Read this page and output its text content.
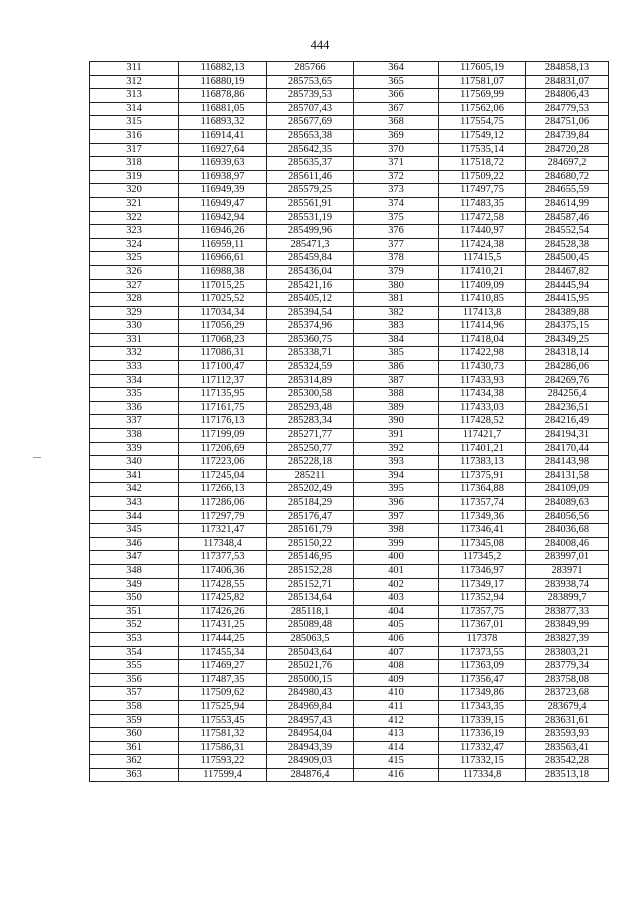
444
311	116882,13	285766	364	117605,19	284858,13
312	116880,19	285753,65	365	117581,07	284831,07
313	116878,86	285739,53	366	117569,99	284806,43
314	116881,05	285707,43	367	117562,06	284779,53
315	116893,32	285677,69	368	117554,75	284751,06
316	116914,41	285653,38	369	117549,12	284739,84
317	116927,64	285642,35	370	117535,14	284720,28
318	116939,63	285635,37	371	117518,72	284697,2
319	116938,97	285611,46	372	117509,22	284680,72
320	116949,39	285579,25	373	117497,75	284655,59
321	116949,47	285561,91	374	117483,35	284614,99
322	116942,94	285531,19	375	117472,58	284587,46
323	116946,26	285499,96	376	117440,97	284552,54
324	116959,11	285471,3	377	117424,38	284528,38
325	116966,61	285459,84	378	117415,5	284500,45
326	116988,38	285436,04	379	117410,21	284467,82
327	117015,25	285421,16	380	117409,09	284445,94
328	117025,52	285405,12	381	117410,85	284415,95
329	117034,34	285394,54	382	117413,8	284389,88
330	117056,29	285374,96	383	117414,96	284375,15
331	117068,23	285360,75	384	117418,04	284349,25
332	117086,31	285338,71	385	117422,98	284318,14
333	117100,47	285324,59	386	117430,73	284286,06
334	117112,37	285314,89	387	117433,93	284269,76
335	117135,95	285300,58	388	117434,38	284256,4
336	117161,75	285293,48	389	117433,03	284236,51
337	117176,13	285283,34	390	117428,52	284216,49
338	117199,09	285271,77	391	117421,7	284194,31
339	117206,69	285250,77	392	117401,21	284170,44
340	117223,06	285228,18	393	117383,13	284143,98
341	117245,04	285211	394	117375,91	284131,58
342	117266,13	285202,49	395	117364,88	284109,09
343	117286,06	285184,29	396	117357,74	284089,63
344	117297,79	285176,47	397	117349,36	284056,56
345	117321,47	285161,79	398	117346,41	284036,68
346	117348,4	285150,22	399	117345,08	284008,46
347	117377,53	285146,95	400	117345,2	283997,01
348	117406,36	285152,28	401	117346,97	283971
349	117428,55	285152,71	402	117349,17	283938,74
350	117425,82	285134,64	403	117352,94	283899,7
351	117426,26	285118,1	404	117357,75	283877,33
352	117431,25	285089,48	405	117367,01	283849,99
353	117444,25	285063,5	406	117378	283827,39
354	117455,34	285043,64	407	117373,55	283803,21
355	117469,27	285021,76	408	117363,09	283779,34
356	117487,35	285000,15	409	117356,47	283758,08
357	117509,62	284980,43	410	117349,86	283723,68
358	117525,94	284969,84	411	117343,35	283679,4
359	117553,45	284957,43	412	117339,15	283631,61
360	117581,32	284954,04	413	117336,19	283593,93
361	117586,31	284943,39	414	117332,47	283563,41
362	117593,22	284909,03	415	117332,15	283542,28
363	117599,4	284876,4	416	117334,8	283513,18
